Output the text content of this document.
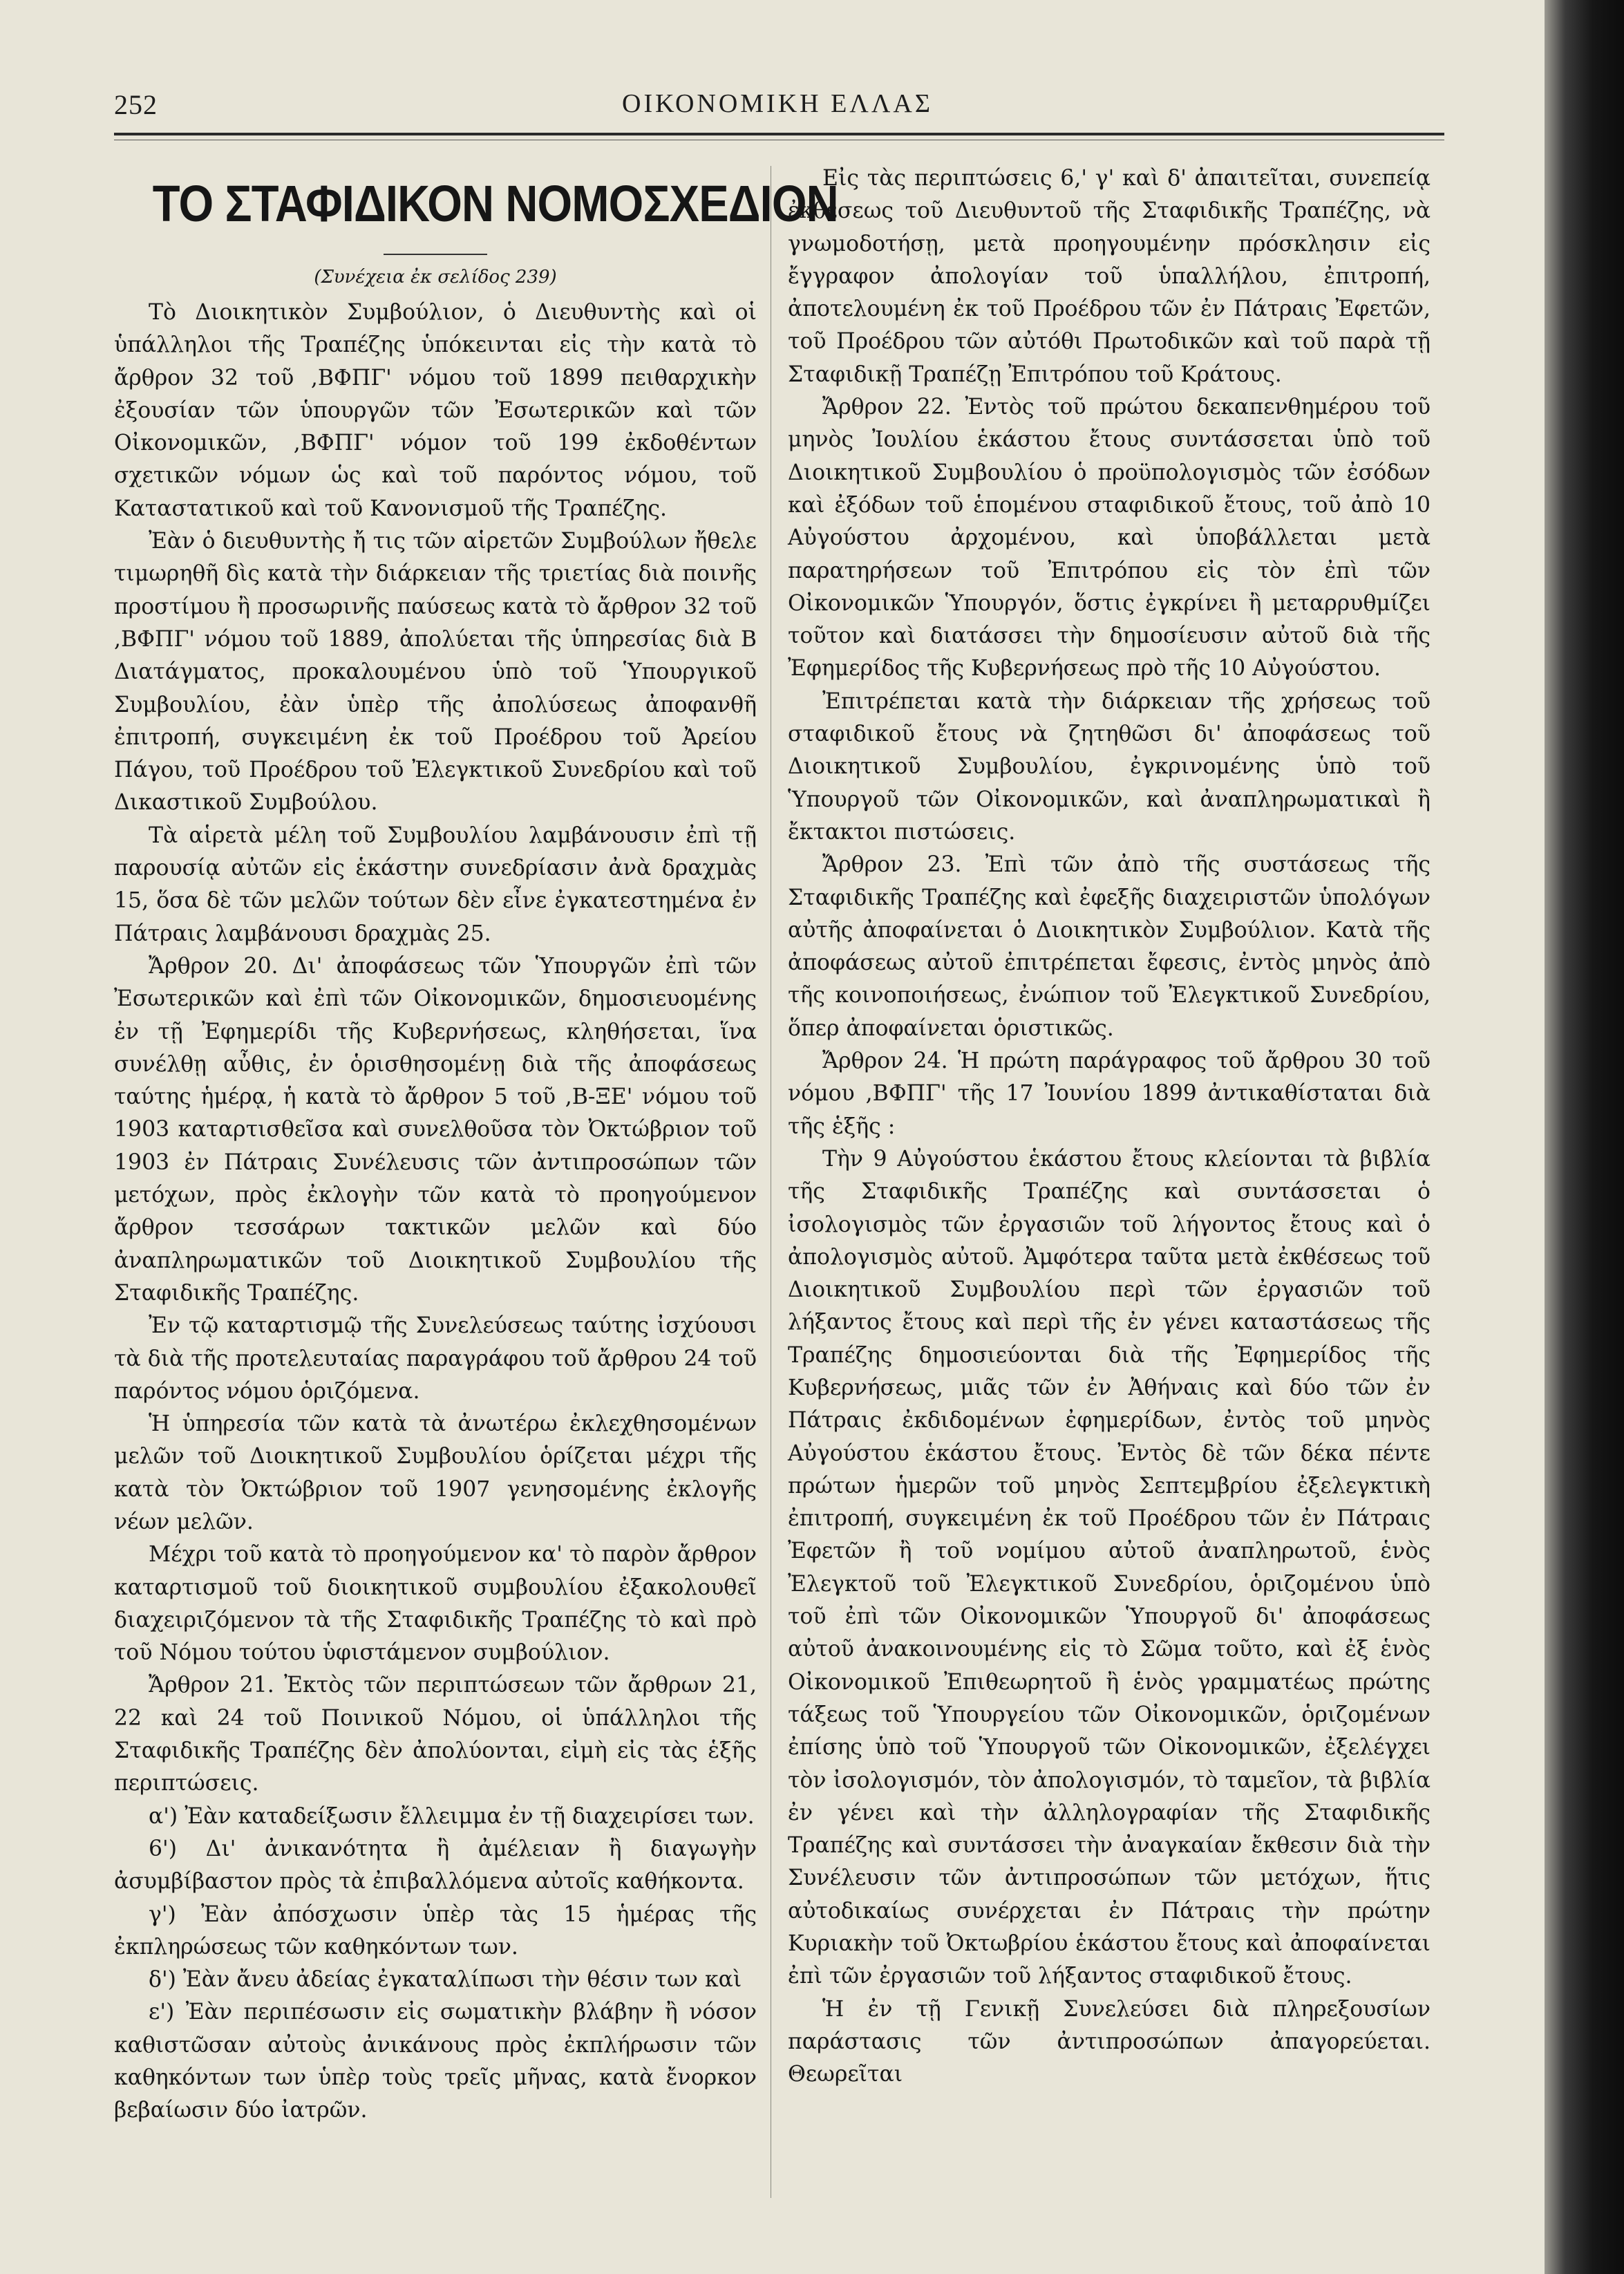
252	ΟΙΚΟΝΟΜΙΚΗ ΕΛΛΑΣ
ΤΟ ΣΤΑΦΙΔΙΚΟΝ ΝΟΜΟΣΧΕΔΙΟΝ
(Συνέχεια ἐκ σελίδος 239)

Τὸ Διοικητικὸν Συμβούλιον, ὁ Διευθυντὴς καὶ οἱ ὑπάλληλοι τῆς Τραπέζης ὑπόκεινται εἰς τὴν κατὰ τὸ ἄρθρον 32 τοῦ ,ΒΦΠΓ' νόμου τοῦ 1899 πειθαρχικὴν ἐξουσίαν τῶν ὑπουργῶν τῶν Ἐσωτερικῶν καὶ τῶν Οἰκονομικῶν, ,ΒΦΠΓ' νόμον τοῦ 199 ἐκδοθέντων σχετικῶν νόμων ὡς καὶ τοῦ παρόντος νόμου, τοῦ Καταστατικοῦ καὶ τοῦ Κανονισμοῦ τῆς Τραπέζης.

Ἐὰν ὁ διευθυντὴς ἤ τις τῶν αἱρετῶν Συμβούλων ἤθελε τιμωρηθῆ δὶς κατὰ τὴν διάρκειαν τῆς τριετίας διὰ ποινῆς προστίμου ἢ προσωρινῆς παύσεως κατὰ τὸ ἄρθρον 32 τοῦ ,ΒΦΠΓ' νόμου τοῦ 1889, ἀπολύεται τῆς ὑπηρεσίας διὰ Β Διατάγματος, προκαλουμένου ὑπὸ τοῦ Ὑπουργικοῦ Συμβουλίου, ἐὰν ὑπὲρ τῆς ἀπολύσεως ἀποφανθῆ ἐπιτροπή, συγκειμένη ἐκ τοῦ Προέδρου τοῦ Ἀρείου Πάγου, τοῦ Προέδρου τοῦ Ἐλεγκτικοῦ Συνεδρίου καὶ τοῦ Δικαστικοῦ Συμβούλου.

Τὰ αἱρετὰ μέλη τοῦ Συμβουλίου λαμβάνουσιν ἐπὶ τῇ παρουσίᾳ αὐτῶν εἰς ἑκάστην συνεδρίασιν ἀνὰ δραχμὰς 15, ὅσα δὲ τῶν μελῶν τούτων δὲν εἶνε ἐγκατεστημένα ἐν Πάτραις λαμβάνουσι δραχμὰς 25.

Ἄρθρον 20. Δι' ἀποφάσεως τῶν Ὑπουργῶν ἐπὶ τῶν Ἐσωτερικῶν καὶ ἐπὶ τῶν Οἰκονομικῶν, δημοσιευομένης ἐν τῇ Ἐφημερίδι τῆς Κυβερνήσεως, κληθήσεται, ἵνα συνέλθῃ αὖθις, ἐν ὁρισθησομένῃ διὰ τῆς ἀποφάσεως ταύτης ἡμέρᾳ, ἡ κατὰ τὸ ἄρθρον 5 τοῦ ,Β-ΞΕ' νόμου τοῦ 1903 καταρτισθεῖσα καὶ συνελθοῦσα τὸν Ὀκτώβριον τοῦ 1903 ἐν Πάτραις Συνέλευσις τῶν ἀντιπροσώπων τῶν μετόχων, πρὸς ἐκλογὴν τῶν κατὰ τὸ προηγούμενον ἄρθρον τεσσάρων τακτικῶν μελῶν καὶ δύο ἀναπληρωματικῶν τοῦ Διοικητικοῦ Συμβουλίου τῆς Σταφιδικῆς Τραπέζης.

Ἐν τῷ καταρτισμῷ τῆς Συνελεύσεως ταύτης ἰσχύουσι τὰ διὰ τῆς προτελευταίας παραγράφου τοῦ ἄρθρου 24 τοῦ παρόντος νόμου ὁριζόμενα.

Ἡ ὑπηρεσία τῶν κατὰ τὰ ἀνωτέρω ἐκλεχθησομένων μελῶν τοῦ Διοικητικοῦ Συμβουλίου ὁρίζεται μέχρι τῆς κατὰ τὸν Ὀκτώβριον τοῦ 1907 γενησομένης ἐκλογῆς νέων μελῶν.

Μέχρι τοῦ κατὰ τὸ προηγούμενον κα' τὸ παρὸν ἄρθρον καταρτισμοῦ τοῦ διοικητικοῦ συμβουλίου ἐξακολουθεῖ διαχειριζόμενον τὰ τῆς Σταφιδικῆς Τραπέζης τὸ καὶ πρὸ τοῦ Νόμου τούτου ὑφιστάμενον συμβούλιον.

Ἄρθρον 21. Ἐκτὸς τῶν περιπτώσεων τῶν ἄρθρων 21, 22 καὶ 24 τοῦ Ποινικοῦ Νόμου, οἱ ὑπάλληλοι τῆς Σταφιδικῆς Τραπέζης δὲν ἀπολύονται, εἰμὴ εἰς τὰς ἑξῆς περιπτώσεις.

α') Ἐὰν καταδείξωσιν ἔλλειμμα ἐν τῇ διαχειρίσει των.

6') Δι' ἀνικανότητα ἢ ἀμέλειαν ἢ διαγωγὴν ἀσυμβίβαστον πρὸς τὰ ἐπιβαλλόμενα αὐτοῖς καθήκοντα.

γ') Ἐὰν ἀπόσχωσιν ὑπὲρ τὰς 15 ἡμέρας τῆς ἐκπληρώσεως τῶν καθηκόντων των.

δ') Ἐὰν ἄνευ ἀδείας ἐγκαταλίπωσι τὴν θέσιν των καὶ

ε') Ἐὰν περιπέσωσιν εἰς σωματικὴν βλάβην ἢ νόσον καθιστῶσαν αὐτοὺς ἀνικάνους πρὸς ἐκπλήρωσιν τῶν καθηκόντων των ὑπὲρ τοὺς τρεῖς μῆνας, κατὰ ἔνορκον βεβαίωσιν δύο ἰατρῶν.

Εἰς τὰς περιπτώσεις 6,' γ' καὶ δ' ἀπαιτεῖται, συνεπείᾳ ἐκθέσεως τοῦ Διευθυντοῦ τῆς Σταφιδικῆς Τραπέζης, νὰ γνωμοδοτήσῃ, μετὰ προηγουμένην πρόσκλησιν εἰς ἔγγραφον ἀπολογίαν τοῦ ὑπαλλήλου, ἐπιτροπή, ἀποτελουμένη ἐκ τοῦ Προέδρου τῶν ἐν Πάτραις Ἐφετῶν, τοῦ Προέδρου τῶν αὐτόθι Πρωτοδικῶν καὶ τοῦ παρὰ τῇ Σταφιδικῇ Τραπέζῃ Ἐπιτρόπου τοῦ Κράτους.

Ἄρθρον 22. Ἐντὸς τοῦ πρώτου δεκαπενθημέρου τοῦ μηνὸς Ἰουλίου ἑκάστου ἔτους συντάσσεται ὑπὸ τοῦ Διοικητικοῦ Συμβουλίου ὁ προϋπολογισμὸς τῶν ἐσόδων καὶ ἐξόδων τοῦ ἑπομένου σταφιδικοῦ ἔτους, τοῦ ἀπὸ 10 Αὐγούστου ἀρχομένου, καὶ ὑποβάλλεται μετὰ παρατηρήσεων τοῦ Ἐπιτρόπου εἰς τὸν ἐπὶ τῶν Οἰκονομικῶν Ὑπουργόν, ὅστις ἐγκρίνει ἢ μεταρρυθμίζει τοῦτον καὶ διατάσσει τὴν δημοσίευσιν αὐτοῦ διὰ τῆς Ἐφημερίδος τῆς Κυβερνήσεως πρὸ τῆς 10 Αὐγούστου.

Ἐπιτρέπεται κατὰ τὴν διάρκειαν τῆς χρήσεως τοῦ σταφιδικοῦ ἔτους νὰ ζητηθῶσι δι' ἀποφάσεως τοῦ Διοικητικοῦ Συμβουλίου, ἐγκρινομένης ὑπὸ τοῦ Ὑπουργοῦ τῶν Οἰκονομικῶν, καὶ ἀναπληρωματικαὶ ἢ ἔκτακτοι πιστώσεις.

Ἄρθρον 23. Ἐπὶ τῶν ἀπὸ τῆς συστάσεως τῆς Σταφιδικῆς Τραπέζης καὶ ἐφεξῆς διαχειριστῶν ὑπολόγων αὐτῆς ἀποφαίνεται ὁ Διοικητικὸν Συμβούλιον. Κατὰ τῆς ἀποφάσεως αὐτοῦ ἐπιτρέπεται ἔφεσις, ἐντὸς μηνὸς ἀπὸ τῆς κοινοποιήσεως, ἐνώπιον τοῦ Ἐλεγκτικοῦ Συνεδρίου, ὅπερ ἀποφαίνεται ὁριστικῶς.

Ἄρθρον 24. Ἡ πρώτη παράγραφος τοῦ ἄρθρου 30 τοῦ νόμου ,ΒΦΠΓ' τῆς 17 Ἰουνίου 1899 ἀντικαθίσταται διὰ τῆς ἑξῆς :

Τὴν 9 Αὐγούστου ἑκάστου ἔτους κλείονται τὰ βιβλία τῆς Σταφιδικῆς Τραπέζης καὶ συντάσσεται ὁ ἰσολογισμὸς τῶν ἐργασιῶν τοῦ λήγοντος ἔτους καὶ ὁ ἀπολογισμὸς αὐτοῦ. Ἀμφότερα ταῦτα μετὰ ἐκθέσεως τοῦ Διοικητικοῦ Συμβουλίου περὶ τῶν ἐργασιῶν τοῦ λήξαντος ἔτους καὶ περὶ τῆς ἐν γένει καταστάσεως τῆς Τραπέζης δημοσιεύονται διὰ τῆς Ἐφημερίδος τῆς Κυβερνήσεως, μιᾶς τῶν ἐν Ἀθήναις καὶ δύο τῶν ἐν Πάτραις ἐκδιδομένων ἐφημερίδων, ἐντὸς τοῦ μηνὸς Αὐγούστου ἑκάστου ἔτους. Ἐντὸς δὲ τῶν δέκα πέντε πρώτων ἡμερῶν τοῦ μηνὸς Σεπτεμβρίου ἐξελεγκτικὴ ἐπιτροπή, συγκειμένη ἐκ τοῦ Προέδρου τῶν ἐν Πάτραις Ἐφετῶν ἢ τοῦ νομίμου αὐτοῦ ἀναπληρωτοῦ, ἑνὸς Ἐλεγκτοῦ τοῦ Ἐλεγκτικοῦ Συνεδρίου, ὁριζομένου ὑπὸ τοῦ ἐπὶ τῶν Οἰκονομικῶν Ὑπουργοῦ δι' ἀποφάσεως αὐτοῦ ἀνακοινουμένης εἰς τὸ Σῶμα τοῦτο, καὶ ἐξ ἑνὸς Οἰκονομικοῦ Ἐπιθεωρητοῦ ἢ ἑνὸς γραμματέως πρώτης τάξεως τοῦ Ὑπουργείου τῶν Οἰκονομικῶν, ὁριζομένων ἐπίσης ὑπὸ τοῦ Ὑπουργοῦ τῶν Οἰκονομικῶν, ἐξελέγχει τὸν ἰσολογισμόν, τὸν ἀπολογισμόν, τὸ ταμεῖον, τὰ βιβλία ἐν γένει καὶ τὴν ἀλληλογραφίαν τῆς Σταφιδικῆς Τραπέζης καὶ συντάσσει τὴν ἀναγκαίαν ἔκθεσιν διὰ τὴν Συνέλευσιν τῶν ἀντιπροσώπων τῶν μετόχων, ἥτις αὐτοδικαίως συνέρχεται ἐν Πάτραις τὴν πρώτην Κυριακὴν τοῦ Ὀκτωβρίου ἑκάστου ἔτους καὶ ἀποφαίνεται ἐπὶ τῶν ἐργασιῶν τοῦ λήξαντος σταφιδικοῦ ἔτους.

Ἡ ἐν τῇ Γενικῇ Συνελεύσει διὰ πληρεξουσίων παράστασις τῶν ἀντιπροσώπων ἀπαγορεύεται. Θεωρεῖται
